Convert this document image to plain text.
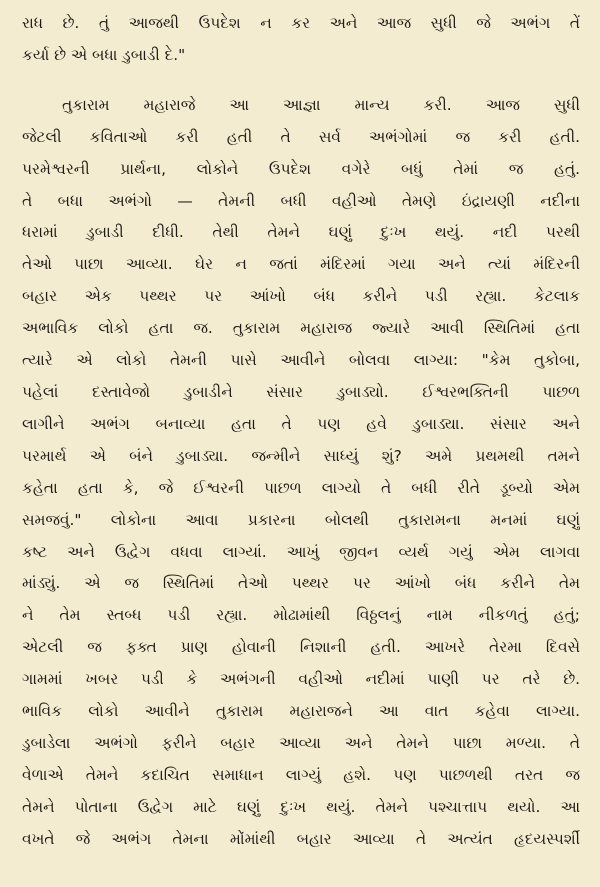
રાધ છે. તું આજથી ઉપદેશ ન કર અને આજ સુધી જે અભંગ તેં
કર્યા છે એ બધા ડુબાડી દે."
તુકારામ મહારાજે આ આજ્ઞા માન્ય કરી. આજ સુધી
જેટલી કવિતાઓ કરી હતી તે સર્વ અભંગોમાં જ કરી હતી.
પરમેશ્વરની પ્રાર્થના, લોકોને ઉપદેશ વગેરે બધું તેમાં જ હતું.
તે બધા અભંગો — તેમની બધી વહીઓ તેમણે ઇંદ્રાયણી નદીના
ધરામાં ડુબાડી દીધી. તેથી તેમને ઘણું દુઃખ થયું. નદી પરથી
તેઓ પાછા આવ્યા. ઘેર ન જતાં મંદિરમાં ગયા અને ત્યાં મંદિરની
બહાર એક પથ્થર પર આંખો બંધ કરીને પડી રહ્યા. કેટલાક
અભાવિક લોકો હતા જ. તુકારામ મહારાજ જ્યારે આવી સ્થિતિમાં હતા
ત્યારે એ લોકો તેમની પાસે આવીને બોલવા લાગ્યા: "કેમ તુકોબા,
પહેલાં દસ્તાવેજો ડુબાડીને સંસાર ડુબાડ્યો. ઈશ્વરભક્તિની પાછળ
લાગીને અભંગ બનાવ્યા હતા તે પણ હવે ડુબાડ્યા. સંસાર અને
પરમાર્થ એ બંને ડુબાડ્યા. જન્મીને સાધ્યું શું? અમે પ્રથમથી તમને
કહેતા હતા કે, જે ઈશ્વરની પાછળ લાગ્યો તે બધી રીતે ડૂબ્યો એમ
સમજવું." લોકોના આવા પ્રકારના બોલથી તુકારામના મનમાં ઘણું
કષ્ટ અને ઉદ્વેગ વધવા લાગ્યાં. આખું જીવન વ્યર્થ ગયું એમ લાગવા
માંડ્યું. એ જ સ્થિતિમાં તેઓ પથ્થર પર આંખો બંધ કરીને તેમ
ને તેમ સ્તબ્ધ પડી રહ્યા. મોઢામાંથી વિઠ્ઠલનું નામ નીકળતું હતું;
એટલી જ ફક્ત પ્રાણ હોવાની નિશાની હતી. આખરે તેરમા દિવસે
ગામમાં ખબર પડી કે અભંગની વહીઓ નદીમાં પાણી પર તરે છે.
ભાવિક લોકો આવીને તુકારામ મહારાજને આ વાત કહેવા લાગ્યા.
ડુબાડેલા અભંગો ફરીને બહાર આવ્યા અને તેમને પાછા મળ્યા. તે
વેળાએ તેમને કદાચિત સમાધાન લાગ્યું હશે. પણ પાછળથી તરત જ
તેમને પોતાના ઉદ્વેગ માટે ઘણું દુઃખ થયું. તેમને પશ્ચાત્તાપ થયો. આ
વખતે જે અભંગ તેમના મોંમાંથી બહાર આવ્યા તે અત્યંત હૃદયસ્પર્શી
